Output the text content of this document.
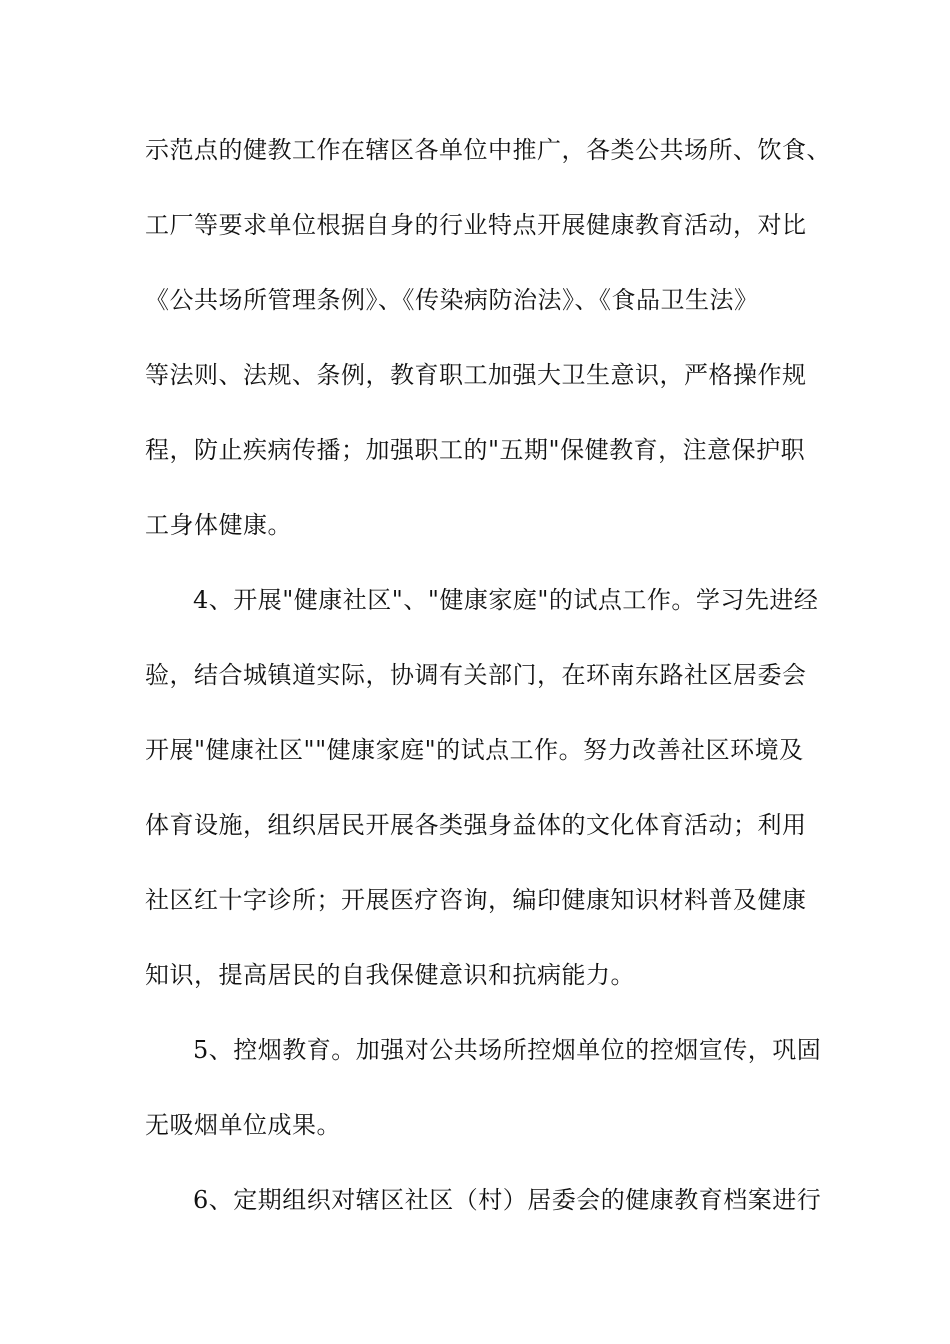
示范点的健教工作在辖区各单位中推广，各类公共场所、饮食、
工厂等要求单位根据自身的行业特点开展健康教育活动，对比
《公共场所管理条例》、《传染病防治法》、《食品卫生法》
等法则、法规、条例，教育职工加强大卫生意识，严格操作规
程，防止疾病传播；加强职工的"五期"保健教育，注意保护职
工身体健康。
4、开展"健康社区"、"健康家庭"的试点工作。学习先进经
验，结合城镇道实际，协调有关部门，在环南东路社区居委会
开展"健康社区""健康家庭"的试点工作。努力改善社区环境及
体育设施，组织居民开展各类强身益体的文化体育活动；利用
社区红十字诊所；开展医疗咨询，编印健康知识材料普及健康
知识，提高居民的自我保健意识和抗病能力。
5、控烟教育。加强对公共场所控烟单位的控烟宣传，巩固
无吸烟单位成果。
6、定期组织对辖区社区（村）居委会的健康教育档案进行
